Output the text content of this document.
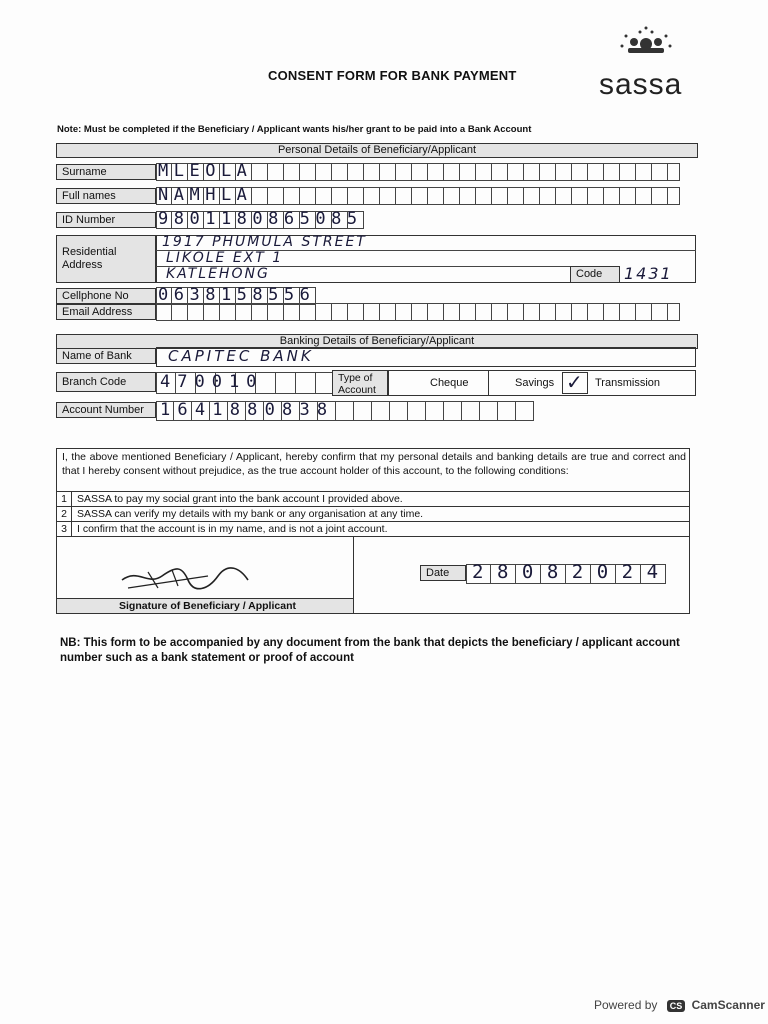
CONSENT FORM FOR BANK PAYMENT	sassa
Note: Must be completed if the Beneficiary / Applicant wants his/her grant to be paid into a Bank Account
Personal Details of Beneficiary/Applicant
Surname	MLEOLA
Full names	NAMHLA
ID Number	9801180865085
Residential
Address
1917 PHUMULA STREET
LIKOLE EXT 1
KATLEHONG	Code	1431
Cellphone No	0638158556
Email Address
Banking Details of Beneficiary/Applicant
Name of Bank	CAPITEC BANK
Branch Code	470010	Type of
Account
Cheque	Savings ✓ Transmission
Account Number 1641880838
I, the above mentioned Beneficiary / Applicant, hereby confirm that my personal details and banking details are true and correct and that I hereby consent without prejudice, as the true account holder of this account, to the following conditions:
1 SASSA to pay my social grant into the bank account I provided above.
2 SASSA can verify my details with my bank or any organisation at any time.
3 I confirm that the account is in my name, and is not a joint account.
Signature of Beneficiary / Applicant
Date	28082024
NB: This form to be accompanied by any document from the bank that depicts the beneficiary / applicant account number such as a bank statement or proof of account
Powered by CS CamScanner
